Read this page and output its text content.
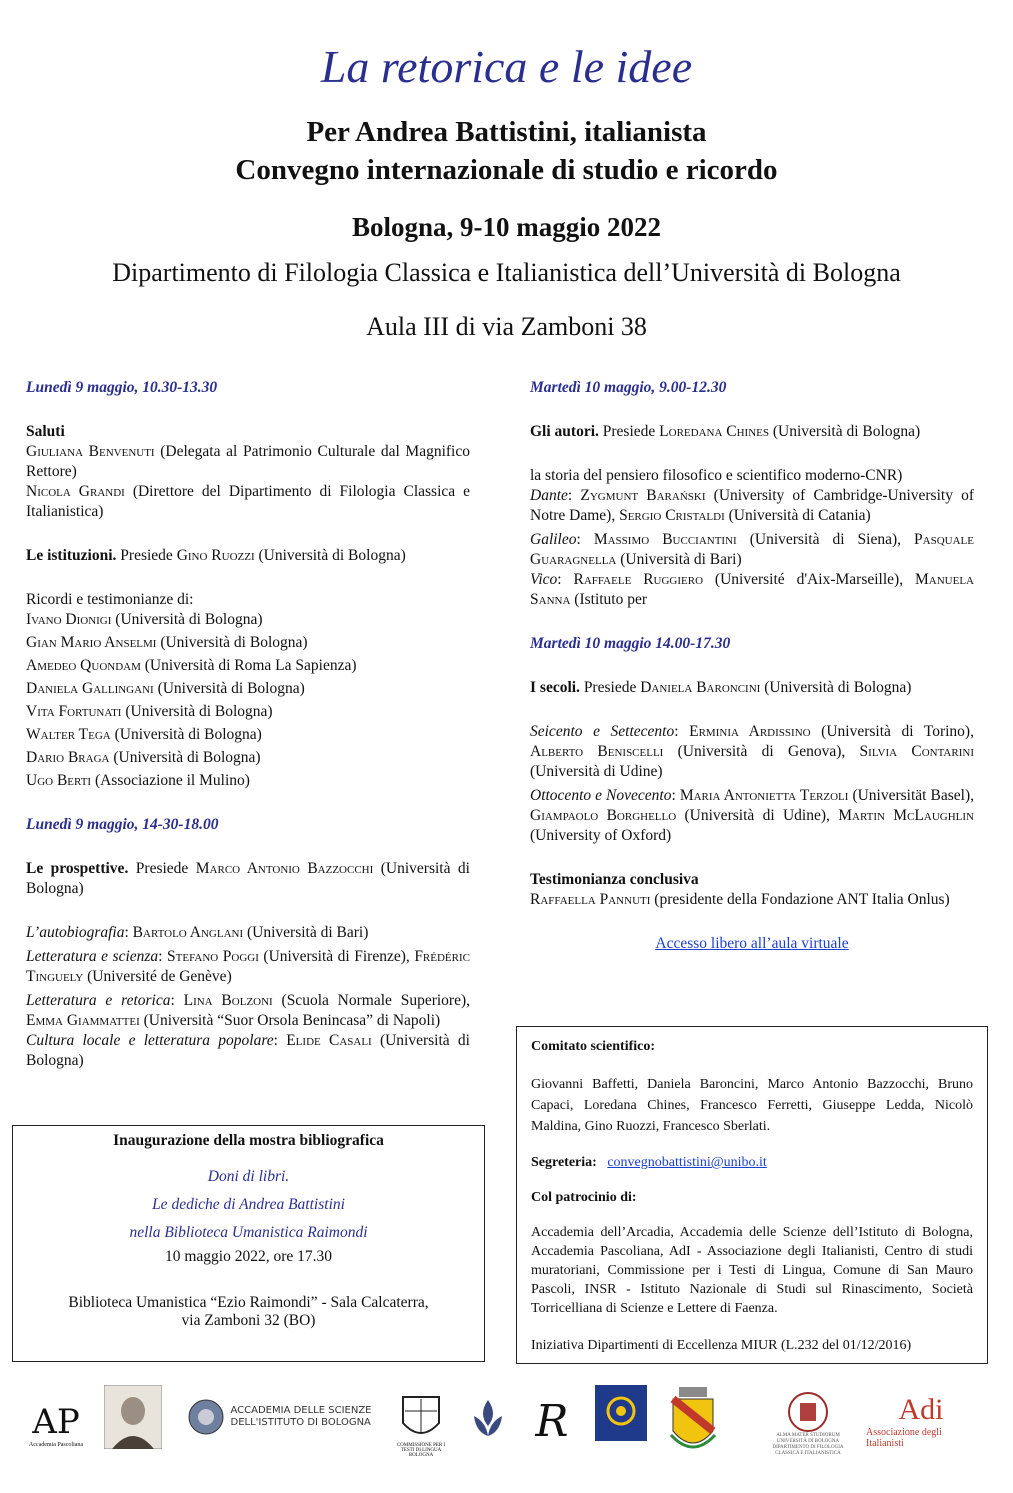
La retorica e le idee
Per Andrea Battistini, italianista
Convegno internazionale di studio e ricordo
Bologna, 9-10 maggio 2022
Dipartimento di Filologia Classica e Italianistica dell’Università di Bologna
Aula III di via Zamboni 38

Lunedì 9 maggio, 10.30-13.30

Saluti

Giuliana Benvenuti (Delegata al Patrimonio Culturale dal Magnifico Rettore)

Nicola Grandi (Direttore del Dipartimento di Filologia Classica e Italianistica)

Le istituzioni. Presiede Gino Ruozzi (Università di Bologna)

Ricordi e testimonianze di:

Ivano Dionigi (Università di Bologna)

Gian Mario Anselmi (Università di Bologna)

Amedeo Quondam (Università di Roma La Sapienza)

Daniela Gallingani (Università di Bologna)

Vita Fortunati (Università di Bologna)

Walter Tega (Università di Bologna)

Dario Braga (Università di Bologna)

Ugo Berti (Associazione il Mulino)

Lunedì 9 maggio, 14-30-18.00

Le prospettive. Presiede Marco Antonio Bazzocchi (Università di Bologna)

L’autobiografia: Bartolo Anglani (Università di Bari)

Letteratura e scienza: Stefano Poggi (Università di Firenze), Frédéric Tinguely (Université de Genève)

Letteratura e retorica: Lina Bolzoni (Scuola Normale Superiore), Emma Giammattei (Università “Suor Orsola Benincasa” di Napoli)

Cultura locale e letteratura popolare: Elide Casali (Università di Bologna)

Martedì 10 maggio, 9.00-12.30

Gli autori. Presiede Loredana Chines (Università di Bologna)

la storia del pensiero filosofico e scientifico moderno-CNR)

Dante: Zygmunt Barański (University of Cambridge-University of Notre Dame), Sergio Cristaldi (Università di Catania)

Galileo: Massimo Bucciantini (Università di Siena), Pasquale Guaragnella (Università di Bari)

Vico: Raffaele Ruggiero (Université d'Aix-Marseille), Manuela Sanna (Istituto per

Martedì 10 maggio 14.00-17.30

I secoli. Presiede Daniela Baroncini (Università di Bologna)

Seicento e Settecento: Erminia Ardissino (Università di Torino), Alberto Beniscelli (Università di Genova), Silvia Contarini (Università di Udine)

Ottocento e Novecento: Maria Antonietta Terzoli (Universität Basel), Giampaolo Borghello (Università di Udine), Martin McLaughlin (University of Oxford)

Testimonianza conclusiva

Raffaella Pannuti (presidente della Fondazione ANT Italia Onlus)

Accesso libero all’aula virtuale

Inaugurazione della mostra bibliografica
Doni di libri.
Le dediche di Andrea Battistini
nella Biblioteca Umanistica Raimondi
10 maggio 2022, ore 17.30
Biblioteca Umanistica “Ezio Raimondi” - Sala Calcaterra,
via Zamboni 32 (BO)
Comitato scientifico:
Giovanni Baffetti, Daniela Baroncini, Marco Antonio Bazzocchi, Bruno Capaci, Loredana Chines, Francesco Ferretti, Giuseppe Ledda, Nicolò Maldina, Gino Ruozzi, Francesco Sberlati.
Segreteria: convegnobattistini@unibo.it
Col patrocinio di:
Accademia dell’Arcadia, Accademia delle Scienze dell’Istituto di Bologna, Accademia Pascoliana, AdI - Associazione degli Italianisti, Centro di studi muratoriani, Commissione per i Testi di Lingua, Comune di San Mauro Pascoli, INSR - Istituto Nazionale di Studi sul Rinascimento, Società Torricelliana di Scienze e Lettere di Faenza.
Iniziativa Dipartimenti di Eccellenza MIUR (L.232 del 01/12/2016)
AP
Accademia Pascoliana
ACCADEMIA DELLE SCIENZE
DELL'ISTITUTO DI BOLOGNA
COMMISSIONE PER I TESTI DI LINGUA BOLOGNA
R	ALMA MATER STUDIORUM UNIVERSITÀ DI BOLOGNA DIPARTIMENTO DI FILOLOGIA CLASSICA E ITALIANISTICA
Adi
Associazione degli Italianisti
